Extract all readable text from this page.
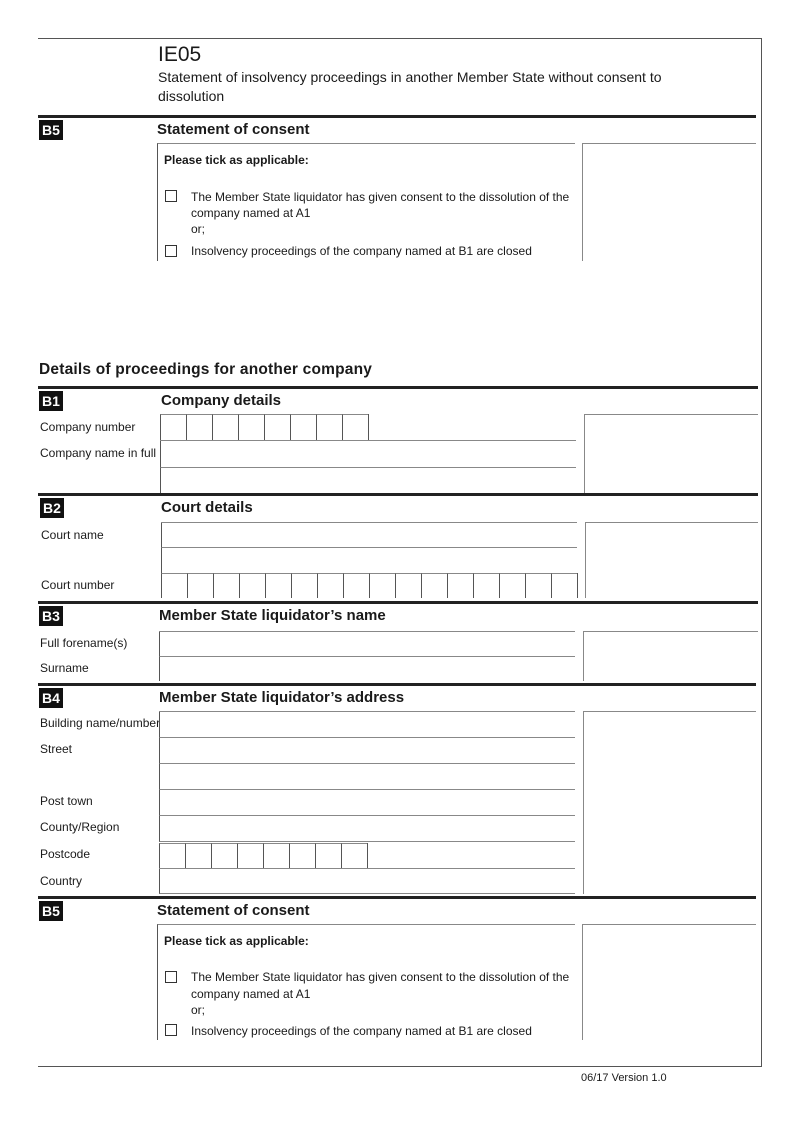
IE05
Statement of insolvency proceedings in another Member State without consent to dissolution
B5	Statement of consent
Please tick as applicable:
The Member State liquidator has given consent to the dissolution of the
company named at A1
or;
Insolvency proceedings of the company named at B1 are closed
Details of proceedings for another company
B1	Company details
Company number
Company name in full
B2	Court details
Court name
Court number
B3	Member State liquidator’s name
Full forename(s)
Surname
B4	Member State liquidator’s address
Building name/number
Street
Post town
County/Region
Postcode
Country
B5	Statement of consent
Please tick as applicable:
The Member State liquidator has given consent to the dissolution of the
company named at A1
or;
Insolvency proceedings of the company named at B1 are closed
06/17 Version 1.0
